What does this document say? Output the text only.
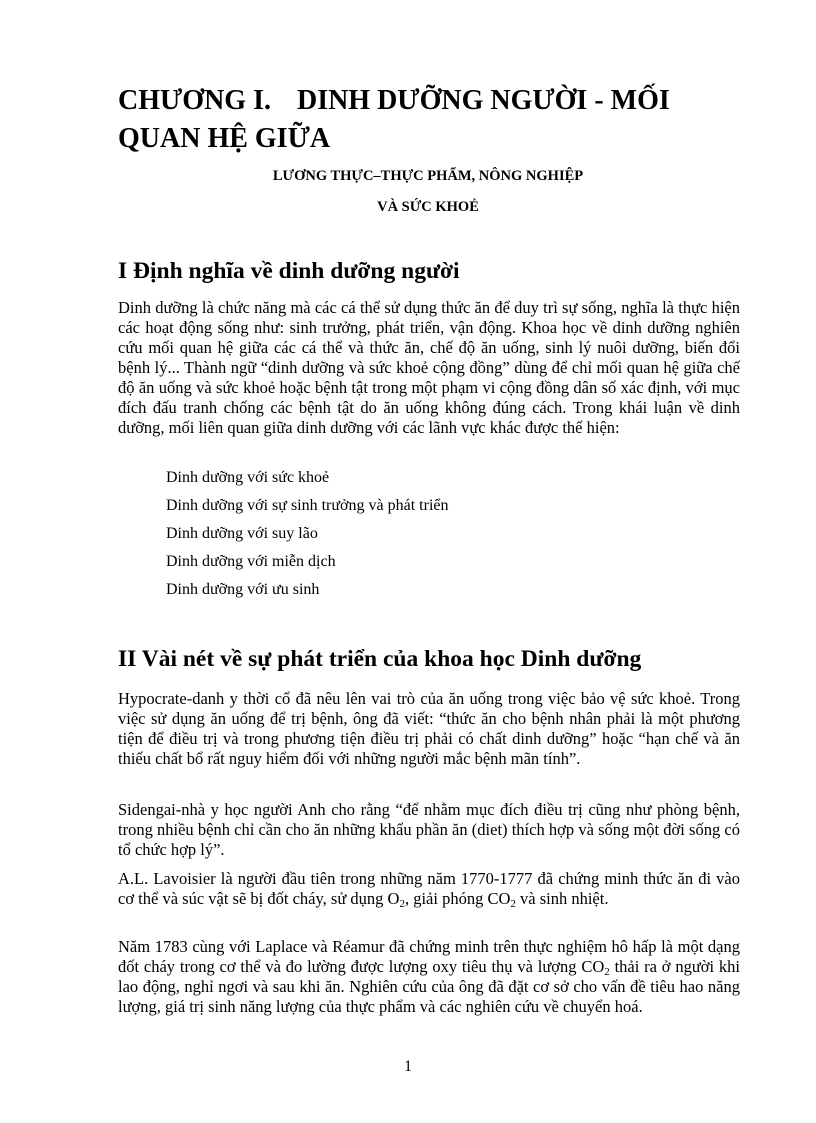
CHƯƠNG I. DINH DƯỠNG NGƯỜI - MỐI
QUAN HỆ GIỮA

LƯƠNG THỰC–THỰC PHẨM, NÔNG NGHIỆP

VÀ SỨC KHOẺ

I Định nghĩa về dinh dưỡng người

Dinh dưỡng là chức năng mà các cá thể sử dụng thức ăn để duy trì sự sống, nghĩa là thực hiện các hoạt động sống như: sinh trưởng, phát triển, vận động. Khoa học về dinh dưỡng nghiên cứu mối quan hệ giữa các cá thể và thức ăn, chế độ ăn uống, sinh lý nuôi dưỡng, biến đổi bệnh lý... Thành ngữ “dinh dưỡng và sức khoẻ cộng đồng” dùng để chỉ mối quan hệ giữa chế độ ăn uống và sức khoẻ hoặc bệnh tật trong một phạm vi cộng đồng dân số xác định, với mục đích đấu tranh chống các bệnh tật do ăn uống không đúng cách. Trong khái luận về dinh dưỡng, mối liên quan giữa dinh dưỡng với các lãnh vực khác được thể hiện:

Dinh dưỡng với sức khoẻ
Dinh dưỡng với sự sinh trưởng và phát triển
Dinh dưỡng với suy lão
Dinh dưỡng với miễn dịch
Dinh dưỡng với ưu sinh
II Vài nét về sự phát triển của khoa học Dinh dưỡng

Hypocrate-danh y thời cổ đã nêu lên vai trò của ăn uống trong việc bảo vệ sức khoẻ. Trong việc sử dụng ăn uống để trị bệnh, ông đã viết: “thức ăn cho bệnh nhân phải là một phương tiện để điều trị và trong phương tiện điều trị phải có chất dinh dưỡng” hoặc “hạn chế và ăn thiếu chất bổ rất nguy hiểm đối với những người mắc bệnh mãn tính”.

Sidengai-nhà y học người Anh cho rằng “để nhằm mục đích điều trị cũng như phòng bệnh, trong nhiều bệnh chỉ cần cho ăn những khẩu phần ăn (diet) thích hợp và sống một đời sống có tổ chức hợp lý”.

A.L. Lavoisier là người đầu tiên trong những năm 1770-1777 đã chứng minh thức ăn đi vào cơ thể và súc vật sẽ bị đốt cháy, sử dụng $O_2$, giải phóng $CO_2$ và sinh nhiệt.

Năm 1783 cùng với Laplace và Réamur đã chứng minh trên thực nghiệm hô hấp là một dạng đốt cháy trong cơ thể và đo lường được lượng oxy tiêu thụ và lượng $CO_2$ thải ra ở người khi lao động, nghỉ ngơi và sau khi ăn. Nghiên cứu của ông đã đặt cơ sở cho vấn đề tiêu hao năng lượng, giá trị sinh năng lượng của thực phẩm và các nghiên cứu về chuyển hoá.

1
